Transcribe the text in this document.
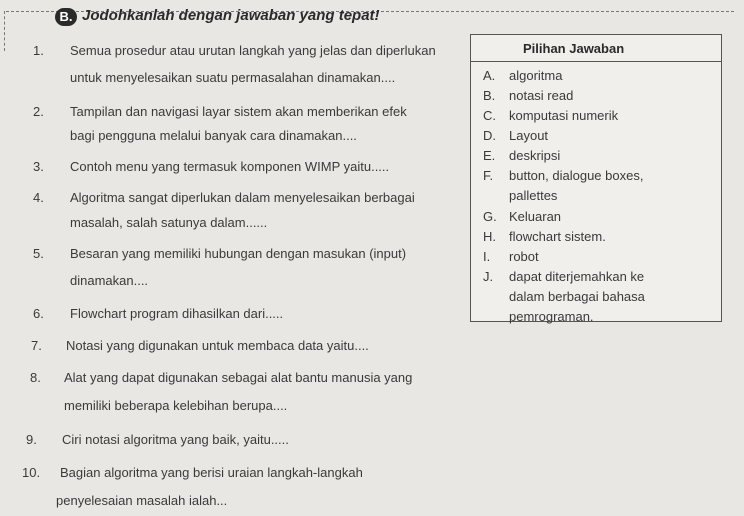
B. Jodohkanlah dengan jawaban yang tepat!
1. Semua prosedur atau urutan langkah yang jelas dan diperlukan
untuk menyelesaikan suatu permasalahan dinamakan....
2. Tampilan dan navigasi layar sistem akan memberikan efek
bagi pengguna melalui banyak cara dinamakan....
3. Contoh menu yang termasuk komponen WIMP yaitu.....
4. Algoritma sangat diperlukan dalam menyelesaikan berbagai
masalah, salah satunya dalam......
5. Besaran yang memiliki hubungan dengan masukan (input)
dinamakan....
6. Flowchart program dihasilkan dari.....
7. Notasi yang digunakan untuk membaca data yaitu....
8. Alat yang dapat digunakan sebagai alat bantu manusia yang
memiliki beberapa kelebihan berupa....
9. Ciri notasi algoritma yang baik, yaitu.....
10. Bagian algoritma yang berisi uraian langkah-langkah
penyelesaian masalah ialah...
Pilihan Jawaban
A. algoritma
B. notasi read
C. komputasi numerik
D. Layout
E. deskripsi
F. button, dialogue boxes,
pallettes
G. Keluaran
H. flowchart sistem.
I. robot
J. dapat diterjemahkan ke
dalam berbagai bahasa
pemrograman.
